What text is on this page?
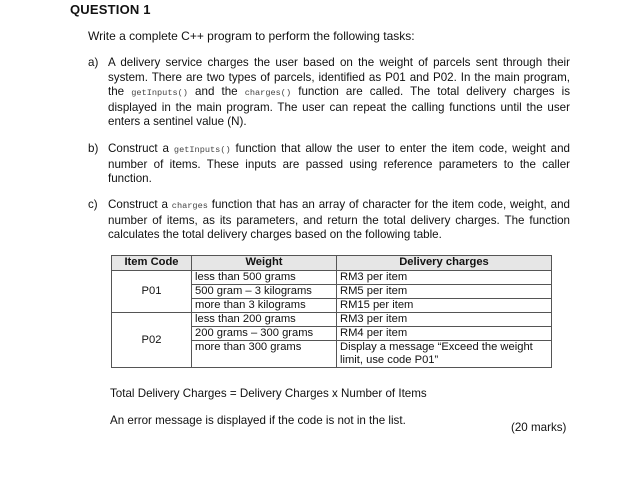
QUESTION 1
Write a complete C++ program to perform the following tasks:
a) A delivery service charges the user based on the weight of parcels sent through their system. There are two types of parcels, identified as P01 and P02. In the main program, the getInputs() and the charges() function are called. The total delivery charges is displayed in the main program. The user can repeat the calling functions until the user enters a sentinel value (N).
b) Construct a getInputs() function that allow the user to enter the item code, weight and number of items. These inputs are passed using reference parameters to the caller function.
c) Construct a charges function that has an array of character for the item code, weight, and number of items, as its parameters, and return the total delivery charges. The function calculates the total delivery charges based on the following table.
Item Code	Weight	Delivery charges
P01	less than 500 grams	RM3 per item
	500 gram – 3 kilograms	RM5 per item
	more than 3 kilograms	RM15 per item
P02	less than 200 grams	RM3 per item
	200 grams – 300 grams	RM4 per item
	more than 300 grams	Display a message “Exceed the weight limit, use code P01”
Total Delivery Charges = Delivery Charges x Number of Items
An error message is displayed if the code is not in the list.
(20 marks)
